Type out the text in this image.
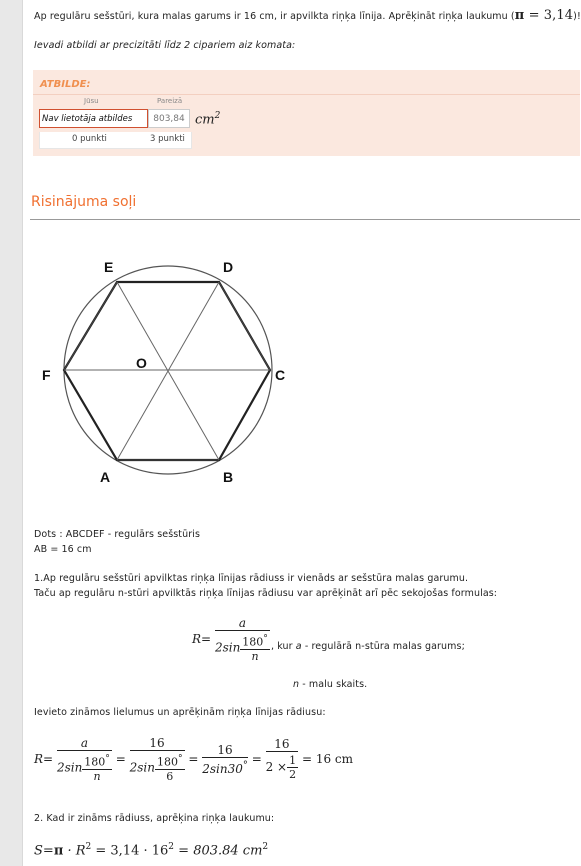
Ap regulāru sešstūri, kura malas garums ir 16 cm, ir apvilkta riņķa līnija. Aprēķināt riņķa laukumu (π = 3,14)!
Ievadi atbildi ar precizitāti līdz 2 cipariem aiz komata:
ATBILDE:
Jūsu	Pareizā
Nav lietotāja atbildes	803,84 $cm^2$
0 punkti	3 punkti
Risinājuma soļi
E	D
C
F
O
A	B
Dots : ABCDEF - regulārs sešstūris
AB = 16 cm
1.Ap regulāru sešstūri apvilktas riņķa līnijas rādiuss ir vienāds ar sešstūra malas garumu.
Taču ap regulāru n-stūri apvilktās riņķa līnijas rādiusu var aprēķināt arī pēc sekojošas formulas:
$R= \frac{a}{2\sin \frac{180^\circ}{n}}$ , kur a - regulārā n-stūra malas garums;
n - malu skaits.
Ievieto zināmos lielumus un aprēķinām riņķa līnijas rādiusu:
$R= \frac{a}{2\sin \frac{180^\circ}{n}} = \frac{16}{2\sin \frac{180^\circ}{6}} = \frac{16}{2\sin 30^\circ} = \frac{16}{2 \times \frac{1}{2}} = 16$ cm
2. Kad ir zināms rādiuss, aprēķina riņķa laukumu:
$S=\pi \cdot R^2 = 3,14 \cdot 16^2 = 803.84$ $cm^2$
